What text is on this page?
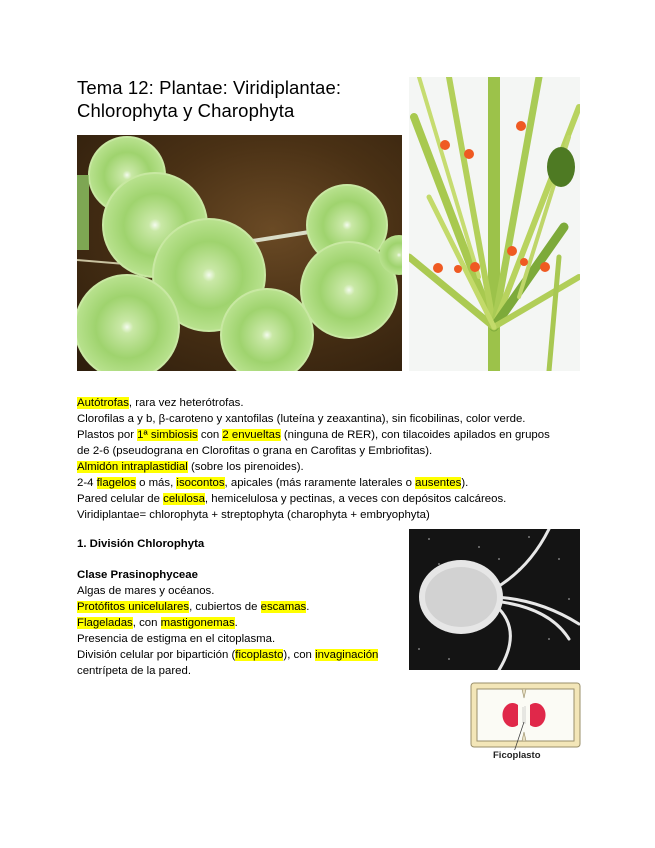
Tema 12: Plantae: Viridiplantae:
Chlorophyta y Charophyta
Autótrofas, rara vez heterótrofas.
Clorofilas a y b, β-caroteno y xantofilas (luteína y zeaxantina), sin ficobilinas, color verde.
Plastos por 1ª simbiosis con 2 envueltas (ninguna de RER), con tilacoides apilados en grupos
de 2-6 (pseudograna en Clorofitas o grana en Carofitas y Embriofitas).
Almidón intraplastidial (sobre los pirenoides).
2-4 flagelos o más, isocontos, apicales (más raramente laterales o ausentes).
Pared celular de celulosa, hemicelulosa y pectinas, a veces con depósitos calcáreos.
Viridiplantae= chlorophyta + streptophyta (charophyta + embryophyta)
1. División Chlorophyta
Clase Prasinophyceae
Algas de mares y océanos.
Protófitos unicelulares, cubiertos de escamas.
Flageladas, con mastigonemas.
Presencia de estigma en el citoplasma.
División celular por bipartición (ficoplasto), con invaginación
centrípeta de la pared.
Ficoplasto
